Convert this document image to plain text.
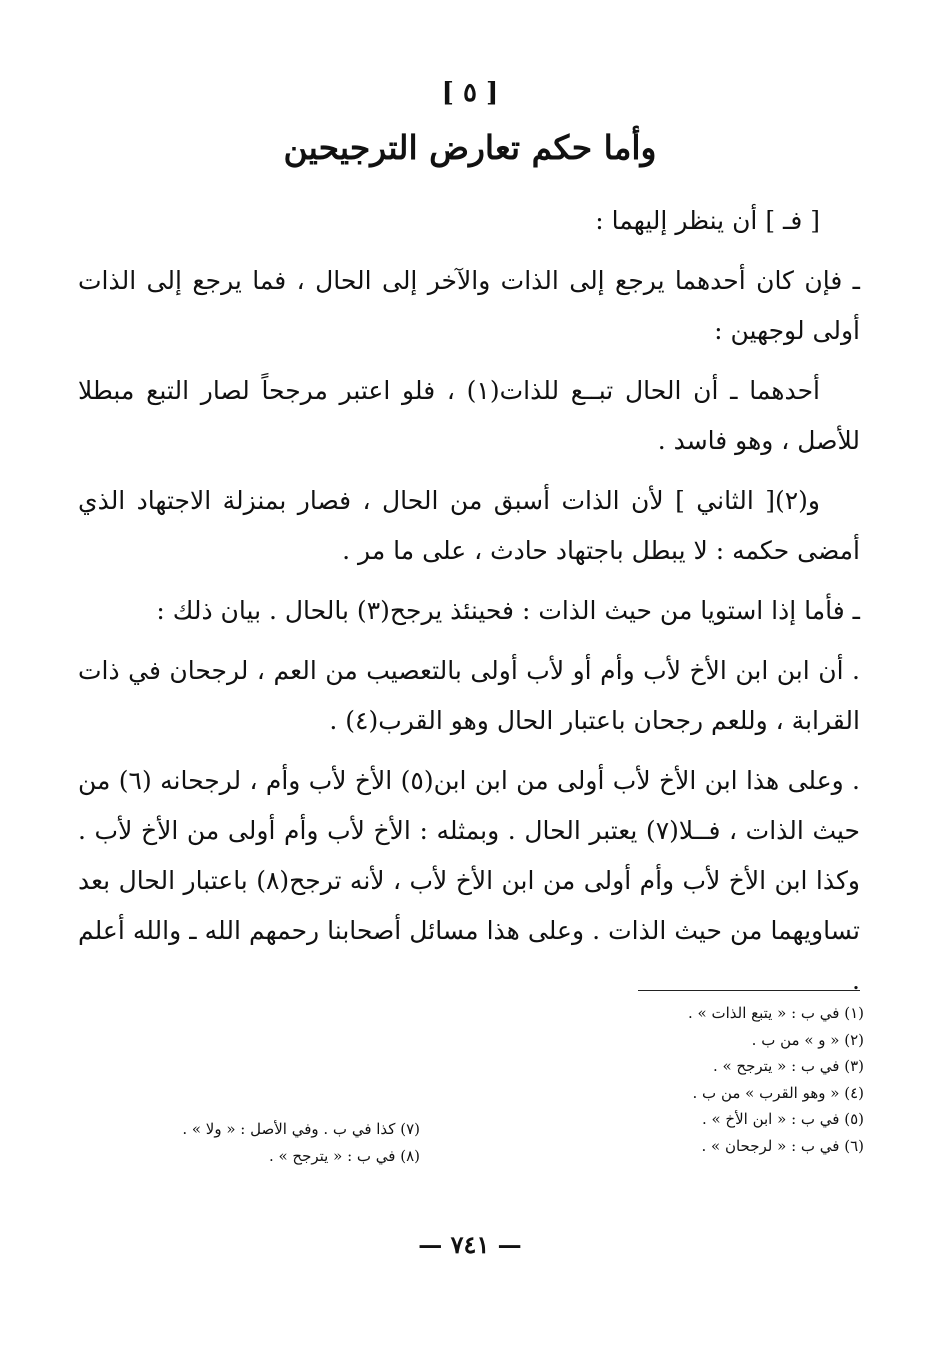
[ ٥ ]
وأما حكم تعارض الترجيحين

[ فـ ] أن ينظر إليهما :

ـ فإن كان أحدهما يرجع إلى الذات والآخر إلى الحال ، فما يرجع إلى الذات أولى لوجهين :

أحدهما ـ أن الحال تبــع للذات(١) ، فلو اعتبر مرجحاً لصار التبع مبطلا للأصل ، وهو فاسد .

و(٢)[ الثاني ] لأن الذات أسبق من الحال ، فصار بمنزلة الاجتهاد الذي أمضى حكمه : لا يبطل باجتهاد حادث ، على ما مر .

ـ فأما إذا استويا من حيث الذات : فحينئذ يرجح(٣) بالحال . بيان ذلك :

. أن ابن ابن الأخ لأب وأم أو لأب أولى بالتعصيب من العم ، لرجحان في ذات القرابة ، وللعم رجحان باعتبار الحال وهو القرب(٤) .

. وعلى هذا ابن الأخ لأب أولى من ابن ابن(٥) الأخ لأب وأم ، لرجحانه (٦) من حيث الذات ، فــلا(٧) يعتبر الحال . وبمثله : الأخ لأب وأم أولى من الأخ لأب . وكذا ابن الأخ لأب وأم أولى من ابن الأخ لأب ، لأنه ترجح(٨) باعتبار الحال بعد تساويهما من حيث الذات . وعلى هذا مسائل أصحابنا رحمهم الله ـ والله أعلم .

(١) في ب : « يتبع الذات » .
(٢) « و » من ب .
(٣) في ب : « يترجح » .
(٤) « وهو القرب » من ب .
(٥) في ب : « ابن الأخ » .
(٦) في ب : « لرجحان » .
(٧) كذا في ب . وفي الأصل : « ولا » .
(٨) في ب : « يترجح » .
— ٧٤١ —
